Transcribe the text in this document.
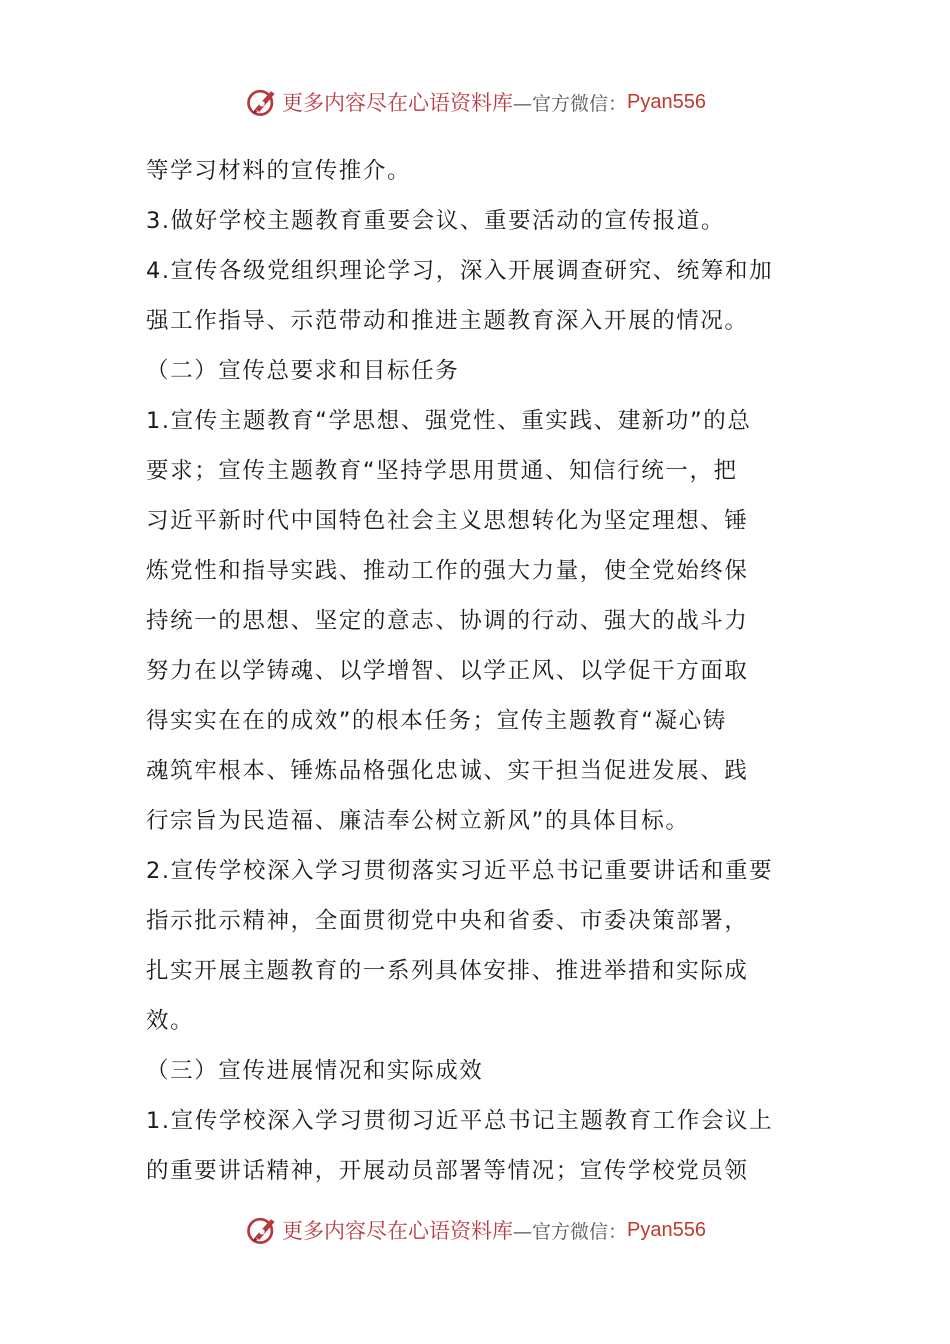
更多内容尽在心语资料库 —官方微信： Pyan556
等学习材料的宣传推介。
3.做好学校主题教育重要会议、重要活动的宣传报道。
4.宣传各级党组织理论学习，深入开展调查研究、统筹和加
强工作指导、示范带动和推进主题教育深入开展的情况。
（二）宣传总要求和目标任务
1.宣传主题教育“学思想、强党性、重实践、建新功”的总
要求；宣传主题教育“坚持学思用贯通、知信行统一，把
习近平新时代中国特色社会主义思想转化为坚定理想、锤
炼党性和指导实践、推动工作的强大力量，使全党始终保
持统一的思想、坚定的意志、协调的行动、强大的战斗力
努力在以学铸魂、以学增智、以学正风、以学促干方面取
得实实在在的成效”的根本任务；宣传主题教育“凝心铸
魂筑牢根本、锤炼品格强化忠诚、实干担当促进发展、践
行宗旨为民造福、廉洁奉公树立新风”的具体目标。
2.宣传学校深入学习贯彻落实习近平总书记重要讲话和重要
指示批示精神，全面贯彻党中央和省委、市委决策部署，
扎实开展主题教育的一系列具体安排、推进举措和实际成
效。
（三）宣传进展情况和实际成效
1.宣传学校深入学习贯彻习近平总书记主题教育工作会议上
的重要讲话精神，开展动员部署等情况；宣传学校党员领
更多内容尽在心语资料库 —官方微信： Pyan556
